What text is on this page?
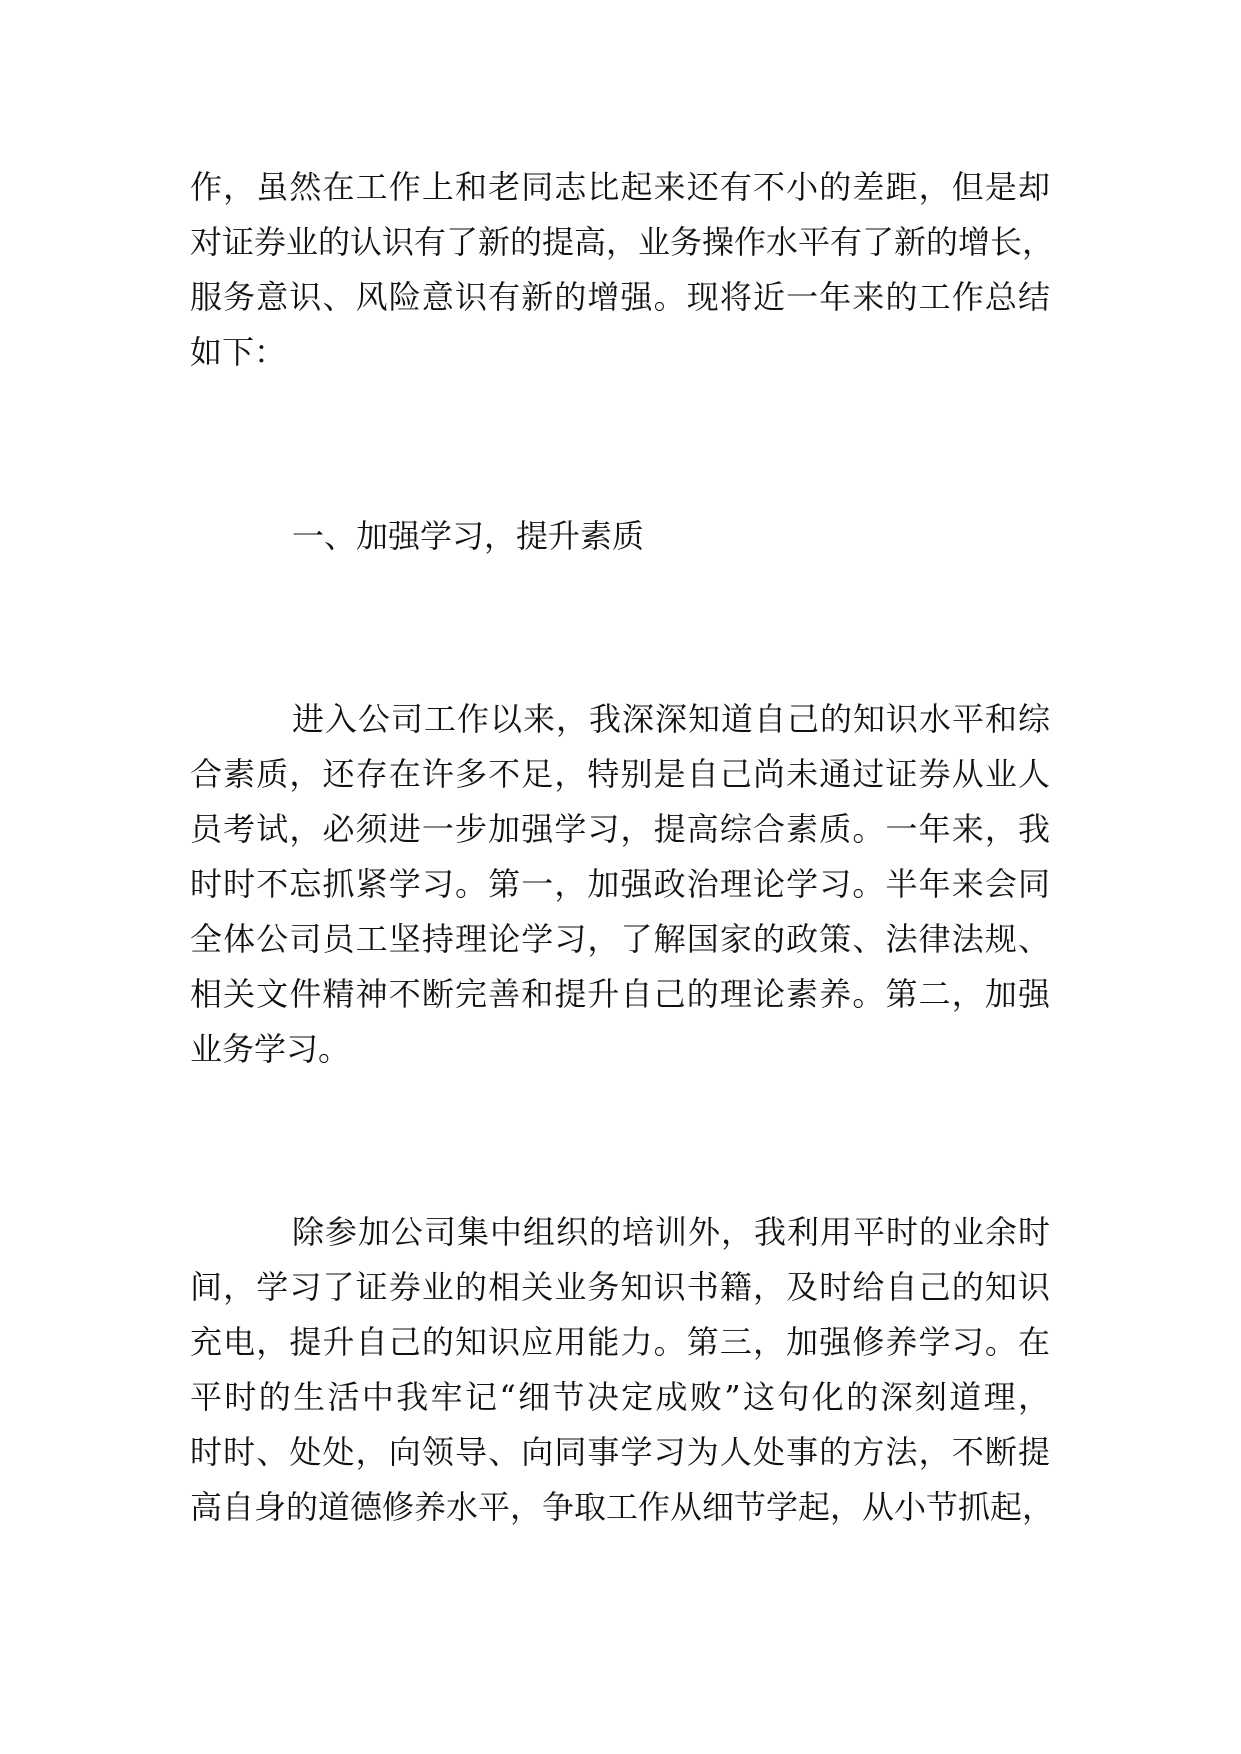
作，虽然在工作上和老同志比起来还有不小的差距，但是却
对证券业的认识有了新的提高，业务操作水平有了新的增长，
服务意识、风险意识有新的增强。现将近一年来的工作总结
如下：
一、加强学习，提升素质
进入公司工作以来，我深深知道自己的知识水平和综
合素质，还存在许多不足，特别是自己尚未通过证券从业人
员考试，必须进一步加强学习，提高综合素质。一年来，我
时时不忘抓紧学习。第一，加强政治理论学习。半年来会同
全体公司员工坚持理论学习，了解国家的政策、法律法规、
相关文件精神不断完善和提升自己的理论素养。第二，加强
业务学习。
除参加公司集中组织的培训外，我利用平时的业余时
间，学习了证券业的相关业务知识书籍，及时给自己的知识
充电，提升自己的知识应用能力。第三，加强修养学习。在
平时的生活中我牢记“细节决定成败”这句化的深刻道理，
时时、处处，向领导、向同事学习为人处事的方法，不断提
高自身的道德修养水平，争取工作从细节学起，从小节抓起，
